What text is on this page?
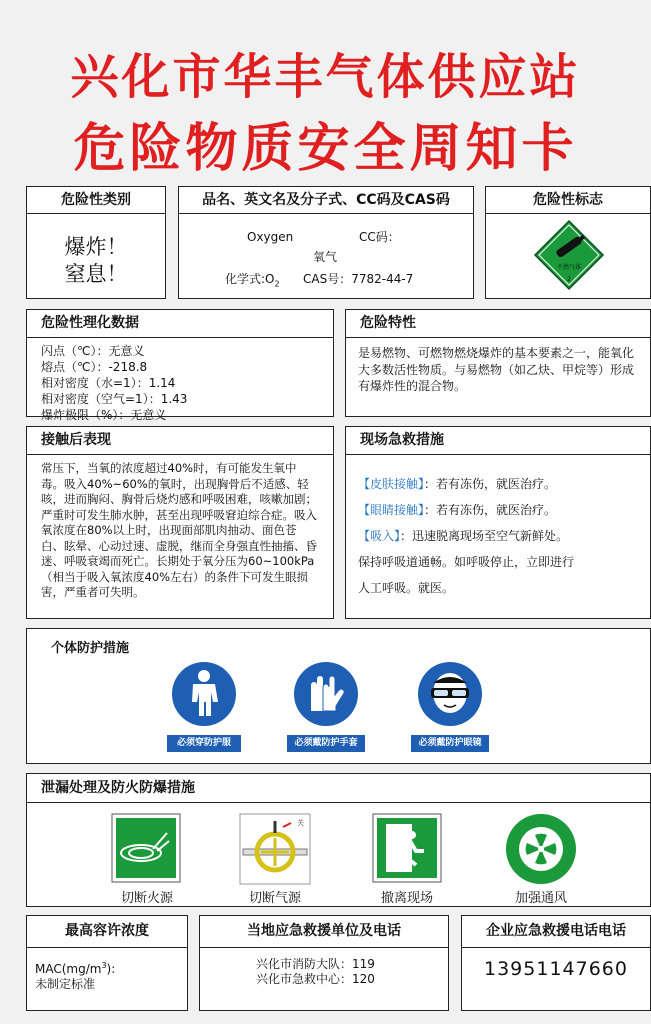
兴化市华丰气体供应站
危险物质安全周知卡
危险性类别
爆炸！
窒息！
品名、英文名及分子式、CC码及CAS码
Oxygen	CC码：
氧气
化学式$:O_2$ CAS号：7782-44-7
危险性标志
不燃气体
2
危险性理化数据
闪点（℃）：无意义
熔点（℃）：-218.8
相对密度（水=1）：1.14
相对密度（空气=1）：1.43
爆炸极限（%）：无意义
危险特性
是易燃物、可燃物燃烧爆炸的基本要素之一，能氧化大多数活性物质。与易燃物（如乙炔、甲烷等）形成有爆炸性的混合物。
接触后表现
常压下，当氧的浓度超过40%时，有可能发生氧中毒。吸入40%~60%的氧时，出现胸骨后不适感、轻咳，进而胸闷、胸骨后烧灼感和呼吸困难，咳嗽加剧；严重时可发生肺水肿，甚至出现呼吸窘迫综合症。吸入氧浓度在80%以上时，出现面部肌肉抽动、面色苍白、眩晕、心动过速、虚脱，继而全身强直性抽搐、昏迷、呼吸衰竭而死亡。长期处于氧分压为60~100kPa（相当于吸入氧浓度40%左右）的条件下可发生眼损害，严重者可失明。
现场急救措施
【皮肤接触】：若有冻伤，就医治疗。
【眼睛接触】：若有冻伤，就医治疗。
【吸入】：迅速脱离现场至空气新鲜处。
保持呼吸道通畅。如呼吸停止，立即进行
人工呼吸。就医。
个体防护措施
必须穿防护服	必须戴防护手套	必须戴防护眼镜
泄漏处理及防火防爆措施
切断火源
关
切断气源	撤离现场	加强通风
最高容许浓度
$MAC(mg/m^3)$:
未制定标准
当地应急救援单位及电话
兴化市消防大队：119
兴化市急救中心：120
企业应急救援电话电话
13951147660
